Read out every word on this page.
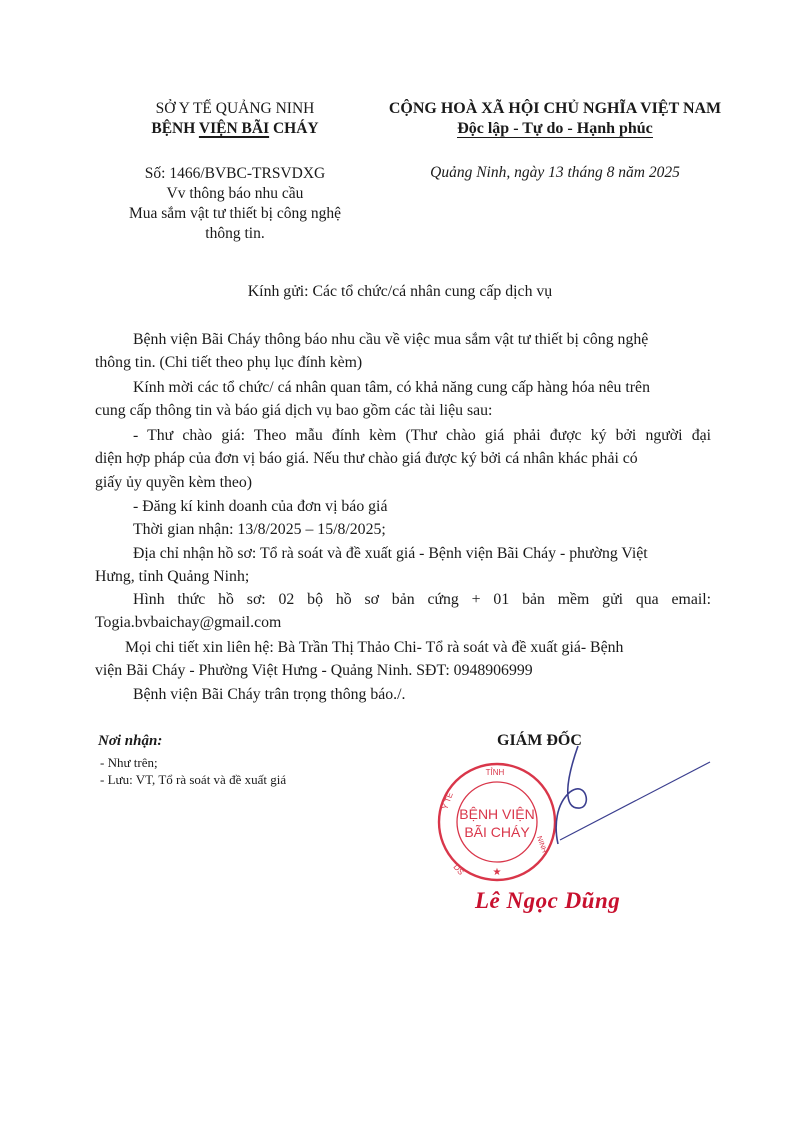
SỞ Y TẾ QUẢNG NINH
BỆNH VIỆN BÃI CHÁY
Số: 1466/BVBC-TRSVDXG
Vv thông báo nhu cầu
Mua sắm vật tư thiết bị công nghệ
thông tin.
CỘNG HOÀ XÃ HỘI CHỦ NGHĨA VIỆT NAM
Độc lập - Tự do - Hạnh phúc
Quảng Ninh, ngày 13 tháng 8 năm 2025
Kính gửi: Các tổ chức/cá nhân cung cấp dịch vụ
Bệnh viện Bãi Cháy thông báo nhu cầu về việc mua sắm vật tư thiết bị công nghệ
thông tin. (Chi tiết theo phụ lục đính kèm)
Kính mời các tổ chức/ cá nhân quan tâm, có khả năng cung cấp hàng hóa nêu trên
cung cấp thông tin và báo giá dịch vụ bao gồm các tài liệu sau:
- Thư chào giá: Theo mẫu đính kèm (Thư chào giá phải được ký bởi người đại
diện hợp pháp của đơn vị báo giá. Nếu thư chào giá được ký bởi cá nhân khác phải có
giấy ủy quyền kèm theo)
- Đăng kí kinh doanh của đơn vị báo giá
Thời gian nhận: 13/8/2025 – 15/8/2025;
Địa chỉ nhận hồ sơ: Tổ rà soát và đề xuất giá - Bệnh viện Bãi Cháy - phường Việt
Hưng, tỉnh Quảng Ninh;
Hình thức hồ sơ: 02 bộ hồ sơ bản cứng + 01 bản mềm gửi qua email:
Togia.bvbaichay@gmail.com
Mọi chi tiết xin liên hệ: Bà Trần Thị Thảo Chi- Tổ rà soát và đề xuất giá- Bệnh
viện Bãi Cháy - Phường Việt Hưng - Quảng Ninh. SĐT: 0948906999
Bệnh viện Bãi Cháy trân trọng thông báo./.
Nơi nhận:
- Như trên;
- Lưu: VT, Tổ rà soát và đề xuất giá
GIÁM ĐỐC
BỆNH VIỆN
BÃI CHÁY
TỈNH
Y TẾ
DS
NINH
★
Lê Ngọc Dũng
